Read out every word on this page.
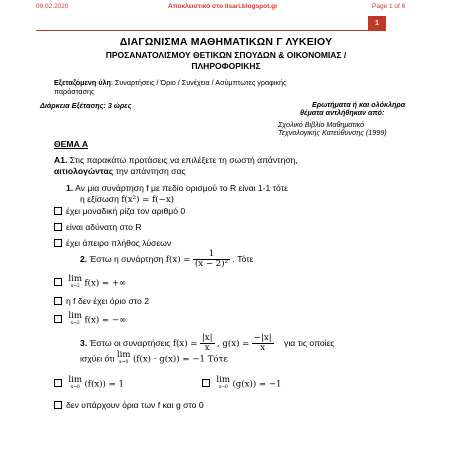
09.02.2020	Αποκλειστικό στο lisari.blogspot.gr	Page 1 of 6
1
ΔΙΑΓΩΝΙΣΜΑ ΜΑΘΗΜΑΤΙΚΩΝ Γ ΛΥΚΕΙΟΥ
ΠΡΟΣΑΝΑΤΟΛΙΣΜΟΥ ΘΕΤΙΚΩΝ ΣΠΟΥΔΩΝ & ΟΙΚΟΝΟΜΙΑΣ /
ΠΛΗΡΟΦΟΡΙΚΗΣ
Εξεταζόμενη ύλη: Συναρτήσεις / Όριο / Συνέχεια / Ασύμπτωτες γραφικής
παράστασης
Διάρκεια Εξέτασης: 3 ώρες	Ερωτήματα ή και ολόκληρα
θέματα αντλήθηκαν από:
Σχολικό Βιβλίο Μαθηματικό
Τεχνολογικής Κατεύθυνσης (1999)
ΘΕΜΑ Α
Α1. Στις παρακάτω προτάσεις να επιλέξετε τη σωστή απάντηση,
αιτιολογώντας την απάντηση σας
1. Αν μια συνάρτηση f με πεδίο ορισμού το R είναι 1-1 τότε
η εξίσωση f(x²) = f(−x)
έχει μοναδική ρίζα τον αριθμό 0
είναι αδύνατη στο R
έχει άπειρο πλήθος λύσεων
2. Έστω η συνάρτηση $f(x) = \frac{1}{\text{(x − 2)²}}$ . Τότε
lim
x→2 f(x) = +∞
η f δεν έχει όριο στο 2
lim
x→2 f(x) = −∞
3. Έστω οι συναρτήσεις $f(x) = \frac{|x|}{x}$ , $g(x) = \frac{-|x|}{x}$ για τις οποίες
ισχύει ότι lim
x→0 (f(x) · g(x)) = −1 Τότε
lim
x→0 (f(x)) = 1	lim
x→0 (g(x)) = −1
δεν υπάρχουν όρια των f και g στο 0
